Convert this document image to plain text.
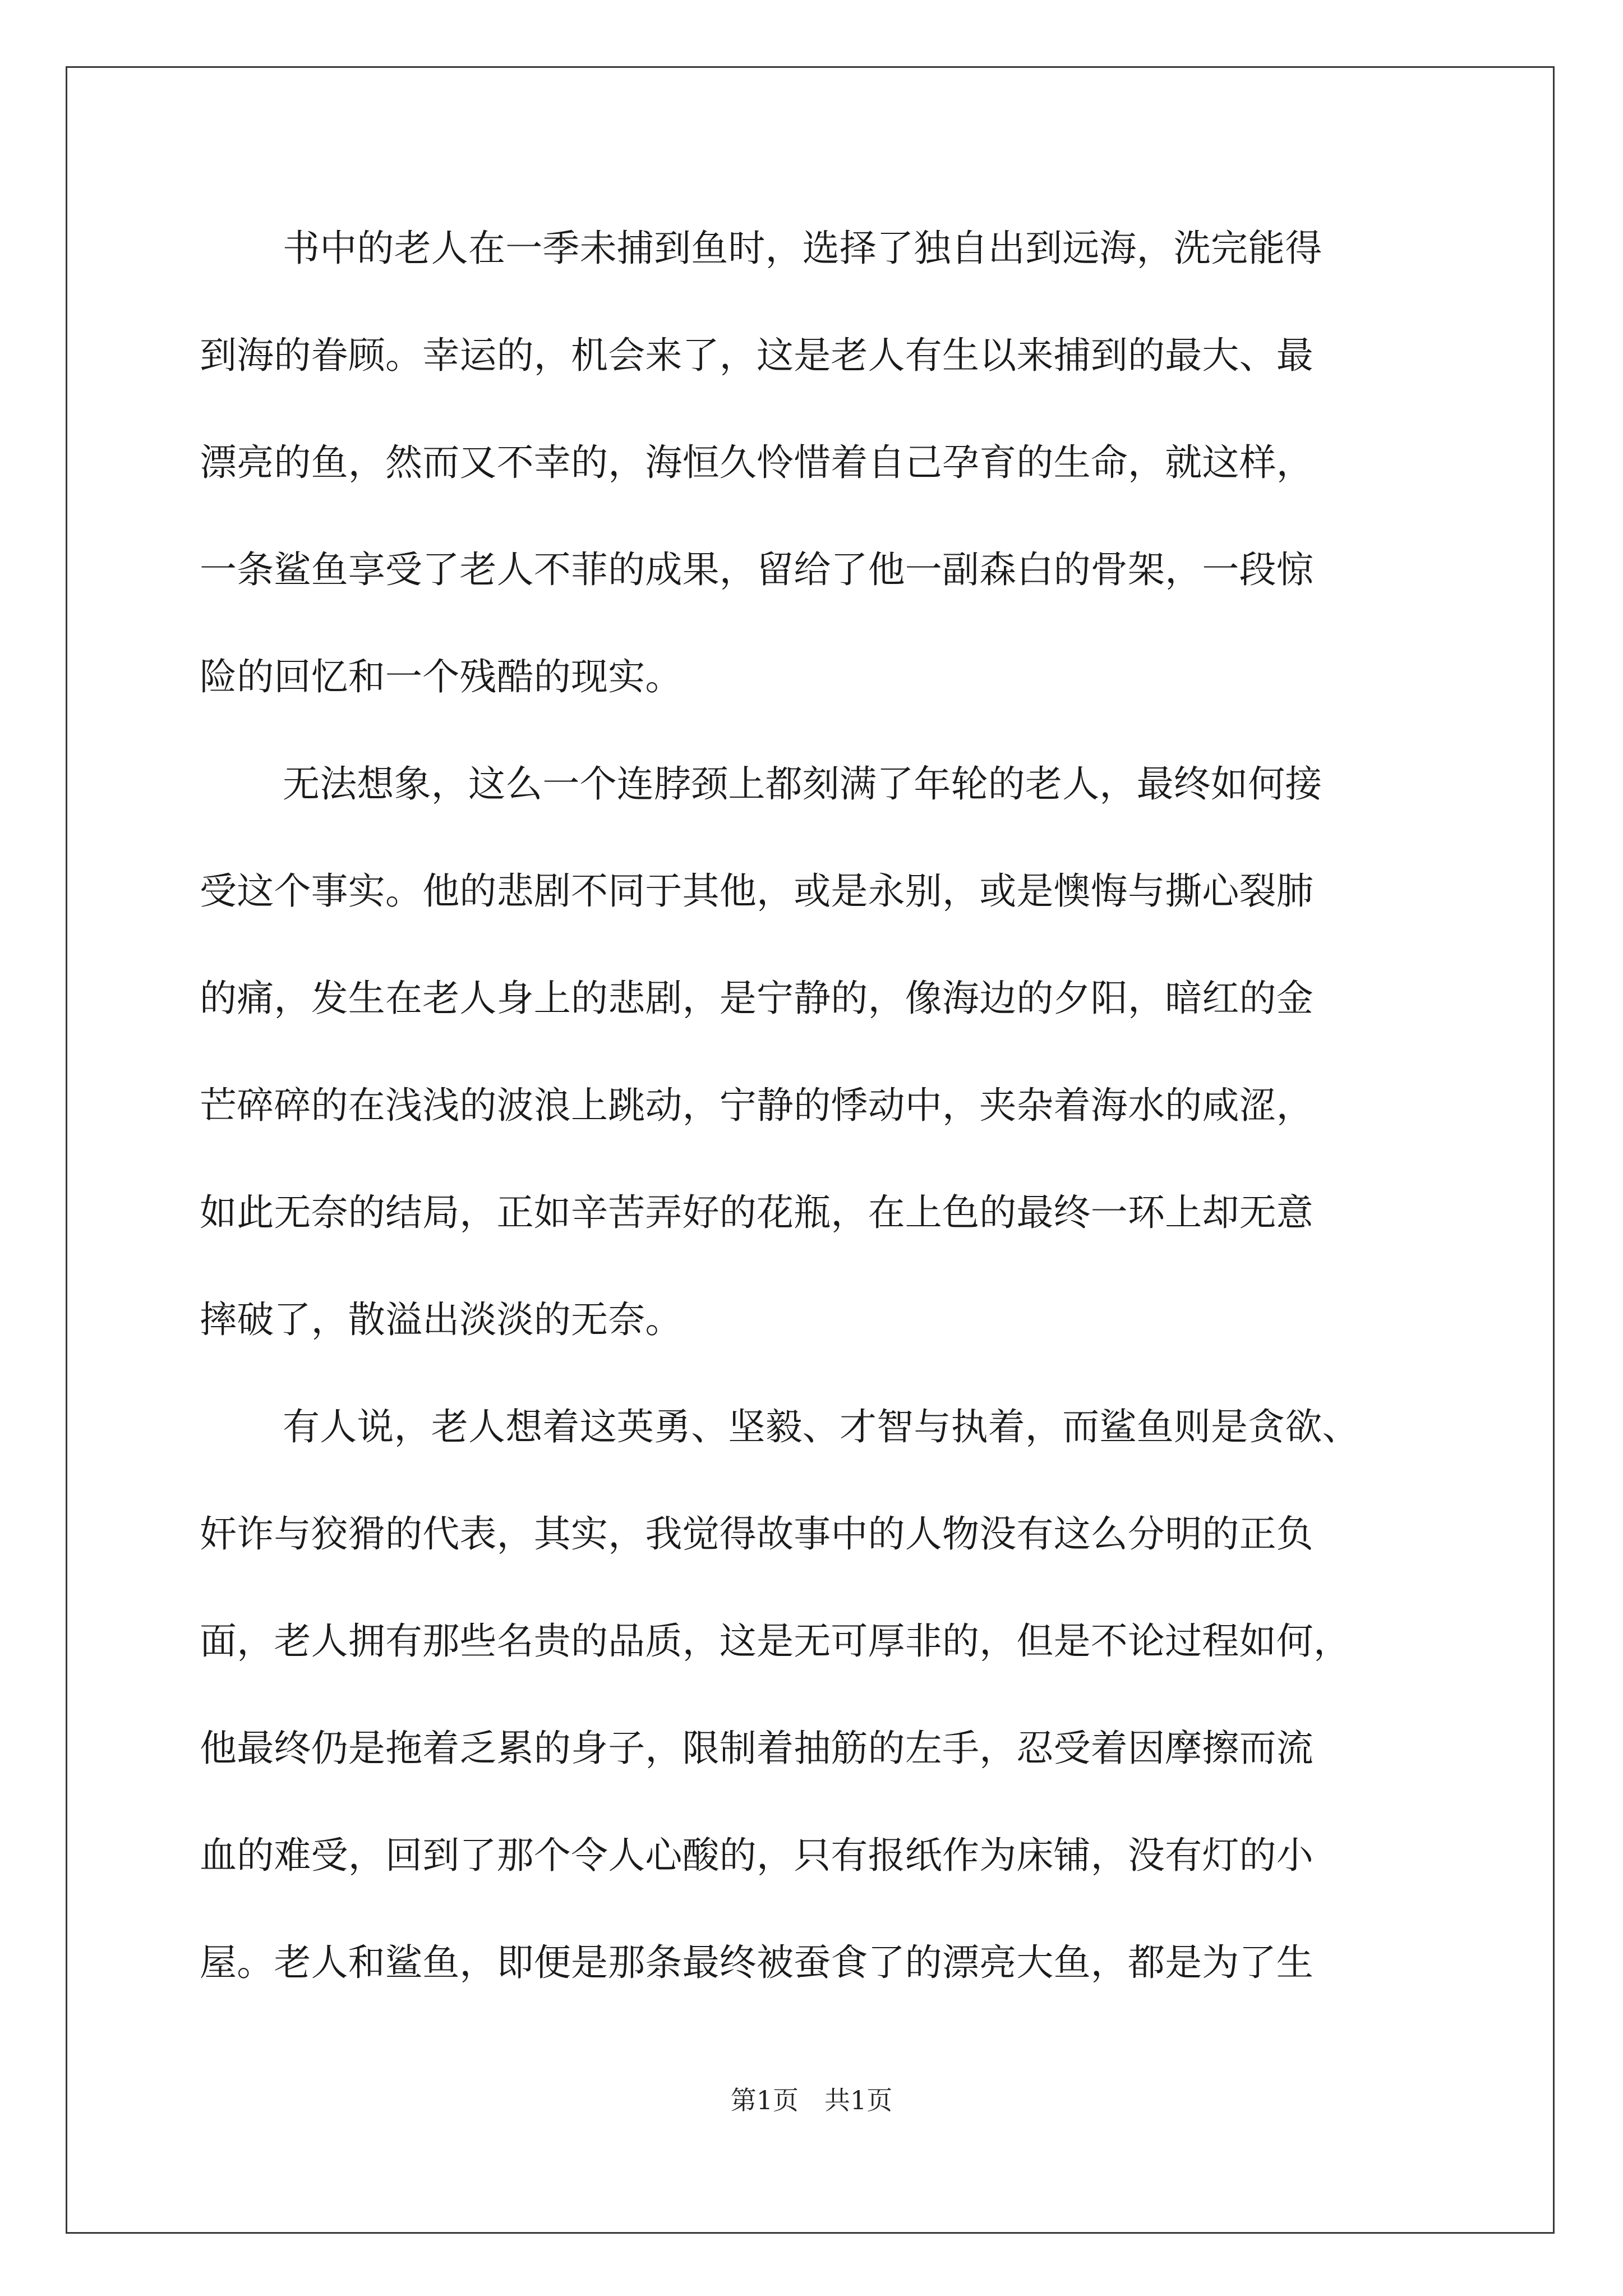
书中的老人在一季未捕到鱼时，选择了独自出到远海，洗完能得
到海的眷顾。幸运的，机会来了，这是老人有生以来捕到的最大、最
漂亮的鱼，然而又不幸的，海恒久怜惜着自己孕育的生命，就这样，
一条鲨鱼享受了老人不菲的成果，留给了他一副森白的骨架，一段惊
险的回忆和一个残酷的现实。
无法想象，这么一个连脖颈上都刻满了年轮的老人，最终如何接
受这个事实。他的悲剧不同于其他，或是永别，或是懊悔与撕心裂肺
的痛，发生在老人身上的悲剧，是宁静的，像海边的夕阳，暗红的金
芒碎碎的在浅浅的波浪上跳动，宁静的悸动中，夹杂着海水的咸涩，
如此无奈的结局，正如辛苦弄好的花瓶，在上色的最终一环上却无意
摔破了，散溢出淡淡的无奈。
有人说，老人想着这英勇、坚毅、才智与执着，而鲨鱼则是贪欲、
奸诈与狡猾的代表，其实，我觉得故事中的人物没有这么分明的正负
面，老人拥有那些名贵的品质，这是无可厚非的，但是不论过程如何，
他最终仍是拖着乏累的身子，限制着抽筋的左手，忍受着因摩擦而流
血的难受，回到了那个令人心酸的，只有报纸作为床铺，没有灯的小
屋。老人和鲨鱼，即便是那条最终被蚕食了的漂亮大鱼，都是为了生
第1页 共1页
